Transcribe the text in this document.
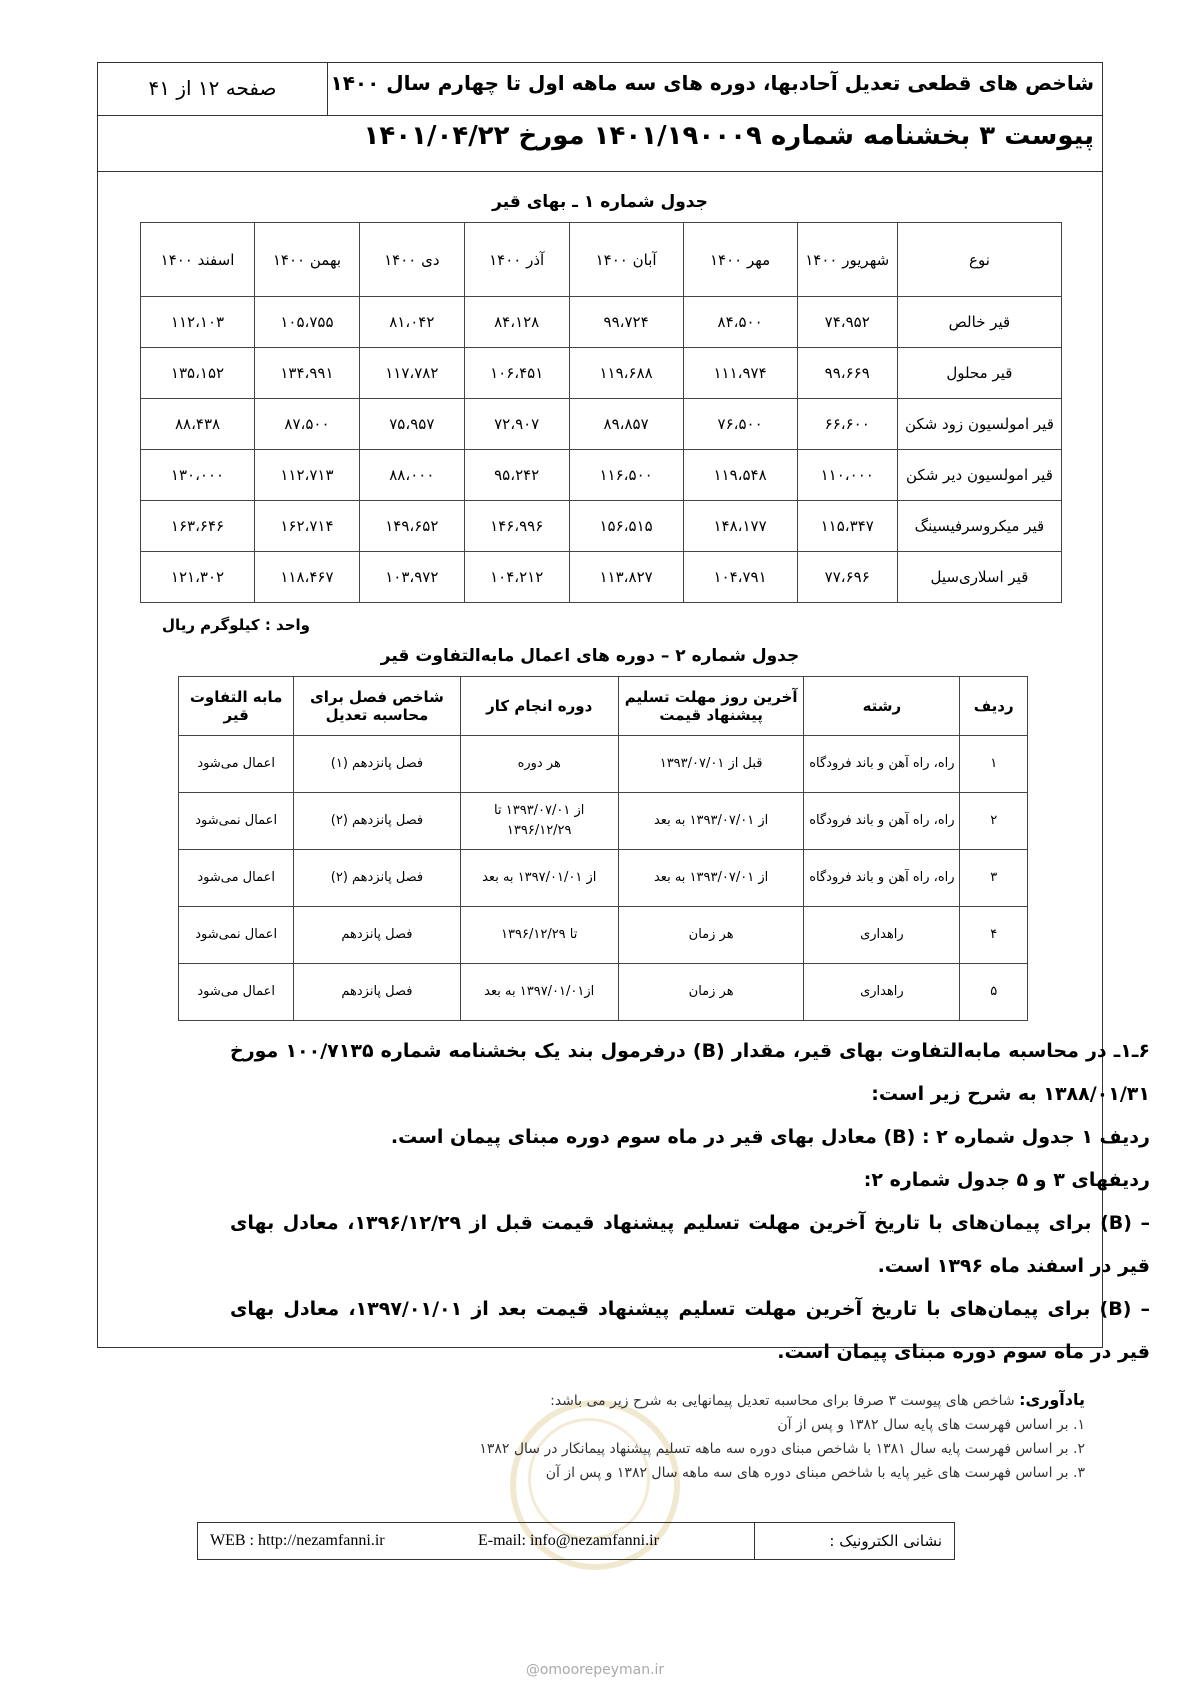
شاخص های قطعی تعدیل آحادبها، دوره های سه ماهه اول تا چهارم سال ۱۴۰۰
صفحه ۱۲ از ۴۱
پیوست ۳ بخشنامه شماره ۱۴۰۱/۱۹۰۰۰۹ مورخ ۱۴۰۱/۰۴/۲۲
جدول شماره ۱ ـ بهای قیر
نوع	شهریور ۱۴۰۰	مهر ۱۴۰۰	آبان ۱۴۰۰	آذر ۱۴۰۰	دی ۱۴۰۰	بهمن ۱۴۰۰	اسفند ۱۴۰۰
قیر خالص	۷۴،۹۵۲	۸۴،۵۰۰	۹۹،۷۲۴	۸۴،۱۲۸	۸۱،۰۴۲	۱۰۵،۷۵۵	۱۱۲،۱۰۳
قیر محلول	۹۹،۶۶۹	۱۱۱،۹۷۴	۱۱۹،۶۸۸	۱۰۶،۴۵۱	۱۱۷،۷۸۲	۱۳۴،۹۹۱	۱۳۵،۱۵۲
قیر امولسیون زود شکن	۶۶،۶۰۰	۷۶،۵۰۰	۸۹،۸۵۷	۷۲،۹۰۷	۷۵،۹۵۷	۸۷،۵۰۰	۸۸،۴۳۸
قیر امولسیون دیر شکن	۱۱۰،۰۰۰	۱۱۹،۵۴۸	۱۱۶،۵۰۰	۹۵،۲۴۲	۸۸،۰۰۰	۱۱۲،۷۱۳	۱۳۰،۰۰۰
قیر میکروسرفیسینگ	۱۱۵،۳۴۷	۱۴۸،۱۷۷	۱۵۶،۵۱۵	۱۴۶،۹۹۶	۱۴۹،۶۵۲	۱۶۲،۷۱۴	۱۶۳،۶۴۶
قیر اسلاری‌سیل	۷۷،۶۹۶	۱۰۴،۷۹۱	۱۱۳،۸۲۷	۱۰۴،۲۱۲	۱۰۳،۹۷۲	۱۱۸،۴۶۷	۱۲۱،۳۰۲
واحد : کیلوگرم ریال
جدول شماره ۲ – دوره های اعمال مابه‌التفاوت قیر
ردیف	رشته	آخرین روز مهلت تسلیم پیشنهاد قیمت	دوره انجام کار	شاخص فصل برای محاسبه تعدیل	مابه التفاوت قیر
۱	راه، راه آهن و باند فرودگاه	قبل از ۱۳۹۳/۰۷/۰۱	هر دوره	فصل پانزدهم (۱)	اعمال می‌شود
۲	راه، راه آهن و باند فرودگاه	از ۱۳۹۳/۰۷/۰۱ به بعد	از ۱۳۹۳/۰۷/۰۱ تا ۱۳۹۶/۱۲/۲۹	فصل پانزدهم (۲)	اعمال نمی‌شود
۳	راه، راه آهن و باند فرودگاه	از ۱۳۹۳/۰۷/۰۱ به بعد	از ۱۳۹۷/۰۱/۰۱ به بعد	فصل پانزدهم (۲)	اعمال می‌شود
۴	راهداری	هر زمان	تا ۱۳۹۶/۱۲/۲۹	فصل پانزدهم	اعمال نمی‌شود
۵	راهداری	هر زمان	از۱۳۹۷/۰۱/۰۱ به بعد	فصل پانزدهم	اعمال می‌شود

۶ـ۱ـ در محاسبه مابه‌التفاوت بهای قیر، مقدار (B) درفرمول بند یک بخشنامه شماره ۱۰۰/۷۱۳۵ مورخ ۱۳۸۸/۰۱/۳۱ به شرح زیر است:

ردیف ۱ جدول شماره ۲ : (B) معادل بهای قیر در ماه سوم دوره مبنای پیمان است.

ردیفهای ۳ و ۵ جدول شماره ۲:

– (B) برای پیمان‌های با تاریخ آخرین مهلت تسلیم پیشنهاد قیمت قبل از ۱۳۹۶/۱۲/۲۹، معادل بهای قیر در اسفند ماه ۱۳۹۶ است.

– (B) برای پیمان‌های با تاریخ آخرین مهلت تسلیم پیشنهاد قیمت بعد از ۱۳۹۷/۰۱/۰۱، معادل بهای قیر در ماه سوم دوره مبنای پیمان است.

یادآوری: شاخص های پیوست ۳ صرفا برای محاسبه تعدیل پیمانهایی به شرح زیر می باشد:

۱. بر اساس فهرست های پایه سال ۱۳۸۲ و پس از آن

۲. بر اساس فهرست پایه سال ۱۳۸۱ با شاخص مبنای دوره سه ماهه تسلیم پیشنهاد پیمانکار در سال ۱۳۸۲

۳. بر اساس فهرست های غیر پایه با شاخص مبنای دوره های سه ماهه سال ۱۳۸۲ و پس از آن

نشانی الکترونیک :
E-mail: info@nezamfanni.ir
WEB : http://nezamfanni.ir
@omoorepeyman.ir
